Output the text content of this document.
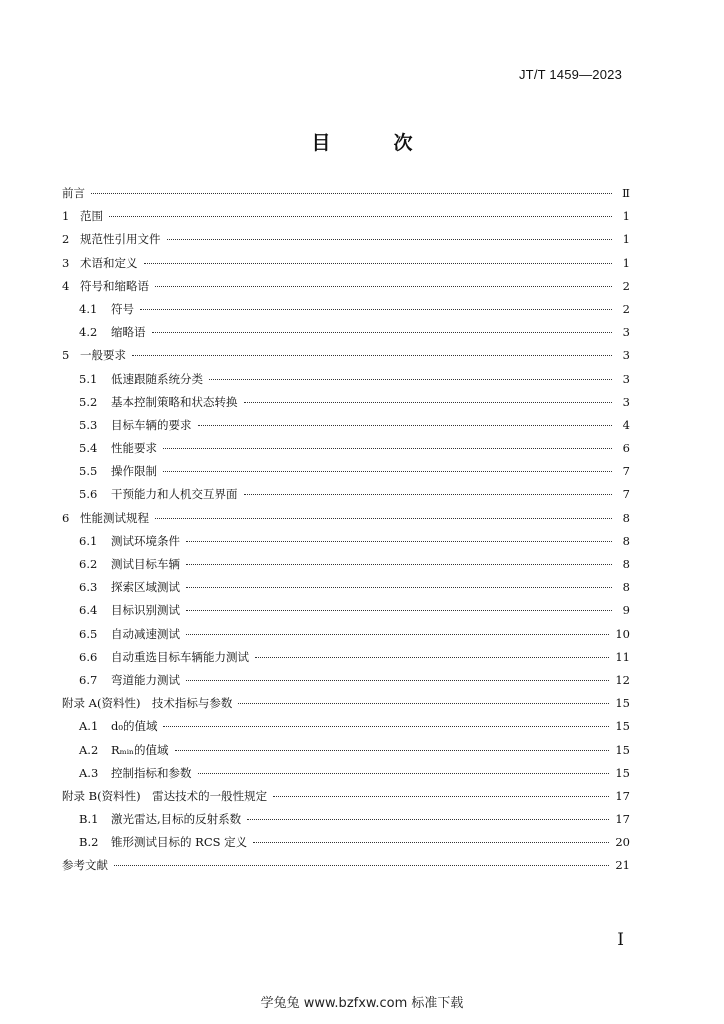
JT/T 1459—2023
目　次
前言	Ⅱ
1 范围	1
2 规范性引用文件	1
3 术语和定义	1
4 符号和缩略语	2
4.1	符号	2
4.2	缩略语	3
5 一般要求	3
5.1	低速跟随系统分类	3
5.2	基本控制策略和状态转换	3
5.3	目标车辆的要求	4
5.4	性能要求	6
5.5	操作限制	7
5.6	干预能力和人机交互界面	7
6 性能测试规程	8
6.1	测试环境条件	8
6.2	测试目标车辆	8
6.3	探索区域测试	8
6.4	目标识别测试	9
6.5	自动减速测试	10
6.6	自动重选目标车辆能力测试	11
6.7	弯道能力测试	12
附录 A(资料性)　技术指标与参数	15
A.1	d₀的值域	15
A.2	Rₘᵢₙ的值域	15
A.3	控制指标和参数	15
附录 B(资料性)　雷达技术的一般性规定	17
B.1	激光雷达,目标的反射系数	17
B.2	锥形测试目标的 RCS 定义	20
参考文献	21
Ⅰ
学兔兔 www.bzfxw.com 标准下载
